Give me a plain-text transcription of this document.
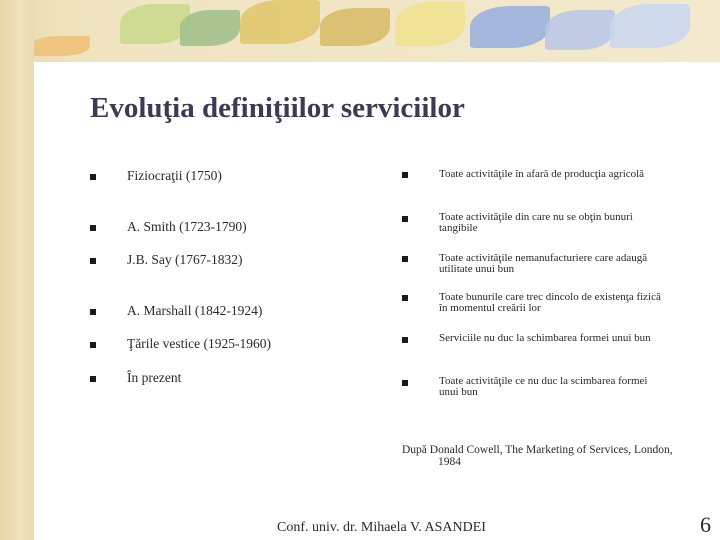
Evoluţia definiţiilor serviciilor
Fiziocraţii (1750)
A. Smith (1723-1790)
J.B. Say (1767-1832)
A. Marshall (1842-1924)
Ţările vestice (1925-1960)
În prezent
Toate activităţile în afară de producţia agricolă
Toate activităţile din care nu se obţin bunuri
tangibile
Toate activităţile nemanufacturiere care adaugă
utilitate unui bun
Toate bunurile care trec dincolo de existenţa fizică
în momentul creării lor
Serviciile nu duc la schimbarea formei unui bun
Toate activităţile ce nu duc la scimbarea formei
unui bun
După Donald Cowell, The Marketing of Services, London,
1984
Conf. univ. dr. Mihaela V. ASANDEI	6
